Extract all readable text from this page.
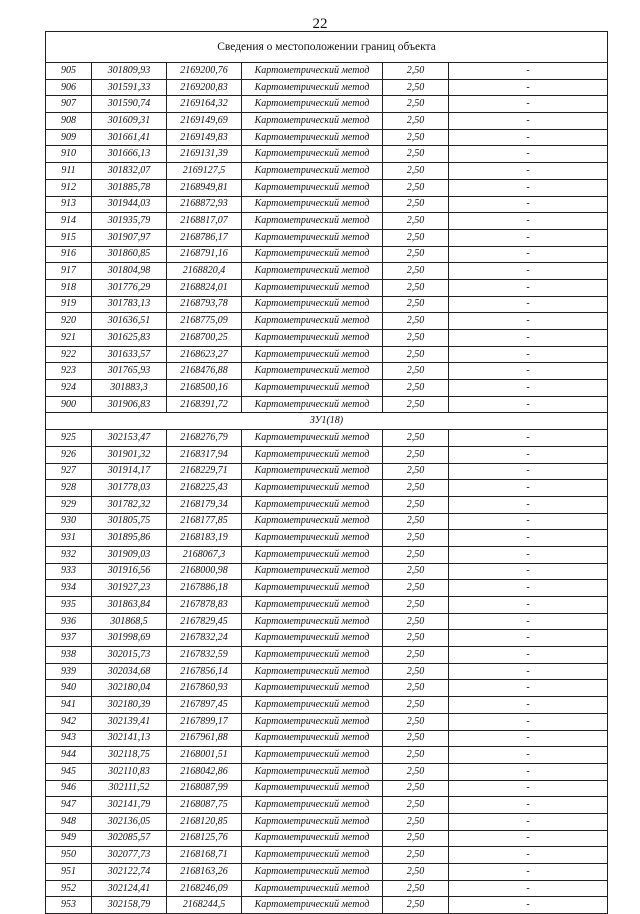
22
Сведения о местоположении границ объекта					
905	301809,93	2169200,76	Картометрический метод	2,50	-
906	301591,33	2169200,83	Картометрический метод	2,50	-
907	301590,74	2169164,32	Картометрический метод	2,50	-
908	301609,31	2169149,69	Картометрический метод	2,50	-
909	301661,41	2169149,83	Картометрический метод	2,50	-
910	301666,13	2169131,39	Картометрический метод	2,50	-
911	301832,07	2169127,5	Картометрический метод	2,50	-
912	301885,78	2168949,81	Картометрический метод	2,50	-
913	301944,03	2168872,93	Картометрический метод	2,50	-
914	301935,79	2168817,07	Картометрический метод	2,50	-
915	301907,97	2168786,17	Картометрический метод	2,50	-
916	301860,85	2168791,16	Картометрический метод	2,50	-
917	301804,98	2168820,4	Картометрический метод	2,50	-
918	301776,29	2168824,01	Картометрический метод	2,50	-
919	301783,13	2168793,78	Картометрический метод	2,50	-
920	301636,51	2168775,09	Картометрический метод	2,50	-
921	301625,83	2168700,25	Картометрический метод	2,50	-
922	301633,57	2168623,27	Картометрический метод	2,50	-
923	301765,93	2168476,88	Картометрический метод	2,50	-
924	301883,3	2168500,16	Картометрический метод	2,50	-
900	301906,83	2168391,72	Картометрический метод	2,50	-
ЗУ1(18)					
925	302153,47	2168276,79	Картометрический метод	2,50	-
926	301901,32	2168317,94	Картометрический метод	2,50	-
927	301914,17	2168229,71	Картометрический метод	2,50	-
928	301778,03	2168225,43	Картометрический метод	2,50	-
929	301782,32	2168179,34	Картометрический метод	2,50	-
930	301805,75	2168177,85	Картометрический метод	2,50	-
931	301895,86	2168183,19	Картометрический метод	2,50	-
932	301909,03	2168067,3	Картометрический метод	2,50	-
933	301916,56	2168000,98	Картометрический метод	2,50	-
934	301927,23	2167886,18	Картометрический метод	2,50	-
935	301863,84	2167878,83	Картометрический метод	2,50	-
936	301868,5	2167829,45	Картометрический метод	2,50	-
937	301998,69	2167832,24	Картометрический метод	2,50	-
938	302015,73	2167832,59	Картометрический метод	2,50	-
939	302034,68	2167856,14	Картометрический метод	2,50	-
940	302180,04	2167860,93	Картометрический метод	2,50	-
941	302180,39	2167897,45	Картометрический метод	2,50	-
942	302139,41	2167899,17	Картометрический метод	2,50	-
943	302141,13	2167961,88	Картометрический метод	2,50	-
944	302118,75	2168001,51	Картометрический метод	2,50	-
945	302110,83	2168042,86	Картометрический метод	2,50	-
946	302111,52	2168087,99	Картометрический метод	2,50	-
947	302141,79	2168087,75	Картометрический метод	2,50	-
948	302136,05	2168120,85	Картометрический метод	2,50	-
949	302085,57	2168125,76	Картометрический метод	2,50	-
950	302077,73	2168168,71	Картометрический метод	2,50	-
951	302122,74	2168163,26	Картометрический метод	2,50	-
952	302124,41	2168246,09	Картометрический метод	2,50	-
953	302158,79	2168244,5	Картометрический метод	2,50	-
